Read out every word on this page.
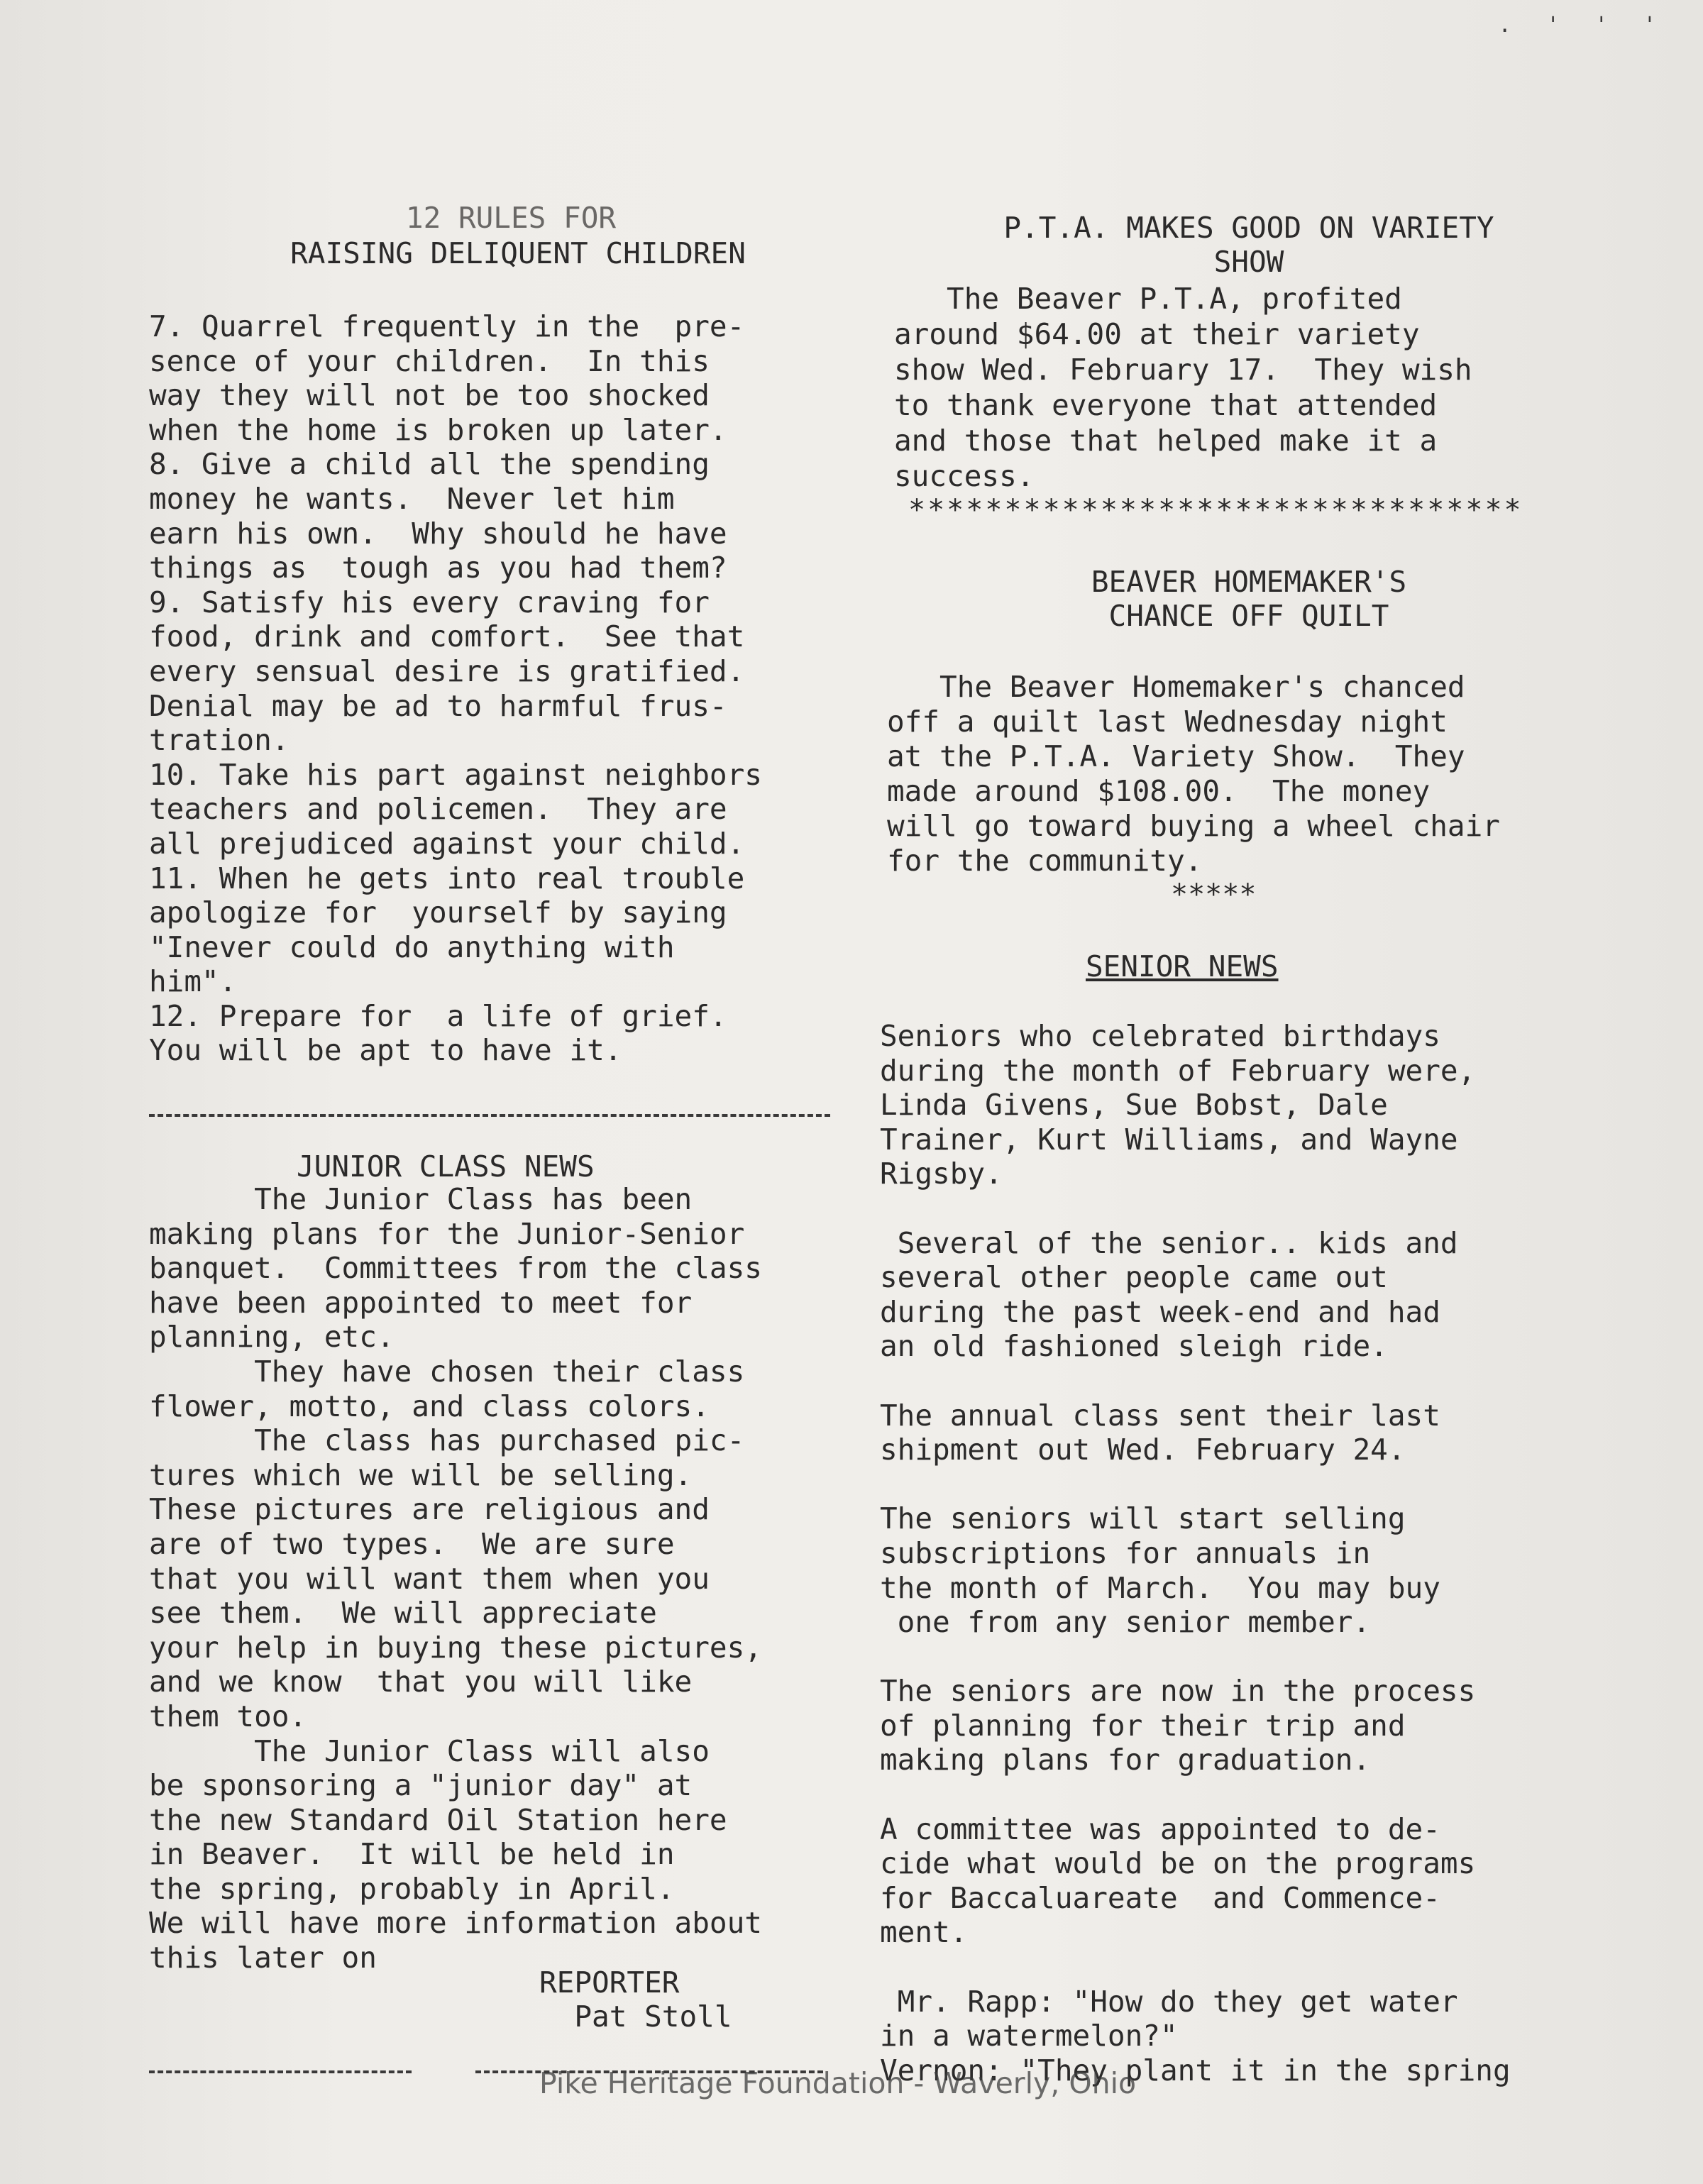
. ' ' '
12 RULES FOR
RAISING DELIQUENT CHILDREN
7. Quarrel frequently in the  pre-
sence of your children.  In this
way they will not be too shocked
when the home is broken up later.
8. Give a child all the spending
money he wants.  Never let him
earn his own.  Why should he have
things as  tough as you had them?
9. Satisfy his every craving for
food, drink and comfort.  See that
every sensual desire is gratified.
Denial may be ad to harmful frus-
tration.
10. Take his part against neighbors
teachers and policemen.  They are
all prejudiced against your child.
11. When he gets into real trouble
apologize for  yourself by saying
"Inever could do anything with
him".
12. Prepare for  a life of grief.
You will be apt to have it.
JUNIOR CLASS NEWS
The Junior Class has been
making plans for the Junior-Senior
banquet.  Committees from the class
have been appointed to meet for
planning, etc.
They have chosen their class
flower, motto, and class colors.
The class has purchased pic-
tures which we will be selling.
These pictures are religious and
are of two types.  We are sure
that you will want them when you
see them.  We will appreciate
your help in buying these pictures,
and we know  that you will like
them too.
The Junior Class will also
be sponsoring a "junior day" at
the new Standard Oil Station here
in Beaver.  It will be held in
the spring, probably in April.
We will have more information about
this later on
REPORTER
Pat Stoll
P.T.A. MAKES GOOD ON VARIETY
SHOW
The Beaver P.T.A, profited
around $64.00 at their variety
show Wed. February 17.  They wish
to thank everyone that attended
and those that helped make it a
success.
********************************
BEAVER HOMEMAKER'S
CHANCE OFF QUILT
The Beaver Homemaker's chanced
off a quilt last Wednesday night
at the P.T.A. Variety Show.  They
made around $108.00.  The money
will go toward buying a wheel chair
for the community.
*****
SENIOR NEWS
Seniors who celebrated birthdays
during the month of February were,
Linda Givens, Sue Bobst, Dale
Trainer, Kurt Williams, and Wayne
Rigsby.

Several of the senior.. kids and
several other people came out
during the past week-end and had
an old fashioned sleigh ride.

The annual class sent their last
shipment out Wed. February 24.

The seniors will start selling
subscriptions for annuals in
the month of March.  You may buy
one from any senior member.

The seniors are now in the process
of planning for their trip and
making plans for graduation.

A committee was appointed to de-
cide what would be on the programs
for Baccaluareate  and Commence-
ment.

Mr. Rapp: "How do they get water
in a watermelon?"
Vernon: "They plant it in the spring
Pike Heritage Foundation - Waverly, Ohio
